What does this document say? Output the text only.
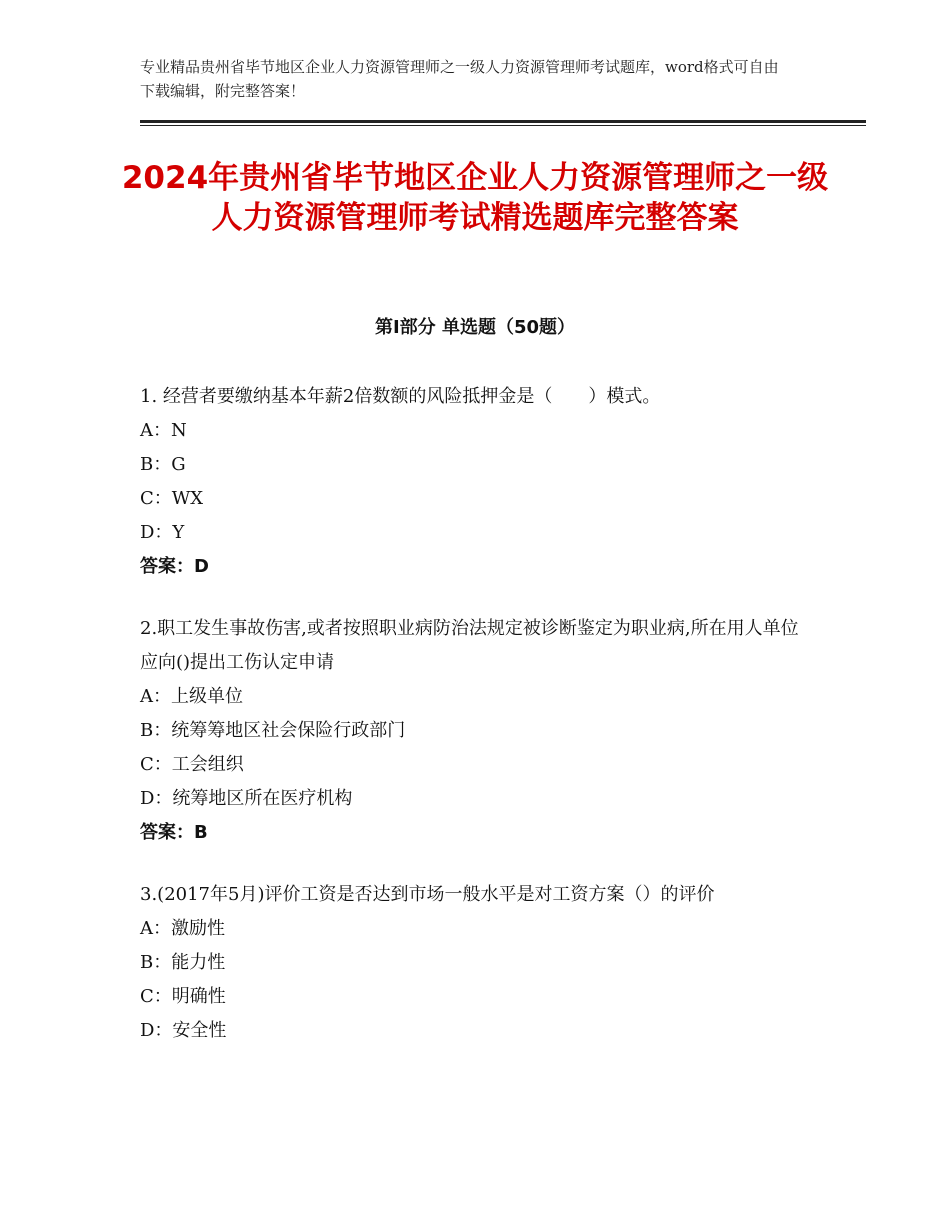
专业精品贵州省毕节地区企业人力资源管理师之一级人力资源管理师考试题库，word格式可自由下载编辑，附完整答案！
2024年贵州省毕节地区企业人力资源管理师之一级人力资源管理师考试精选题库完整答案
第Ⅰ部分 单选题（50题）
1. 经营者要缴纳基本年薪2倍数额的风险抵押金是（　　）模式。
A：N
B：G
C：WX
D：Y
答案：D
2.职工发生事故伤害,或者按照职业病防治法规定被诊断鉴定为职业病,所在用人单位应向()提出工伤认定申请
A：上级单位
B：统筹筹地区社会保险行政部门
C：工会组织
D：统筹地区所在医疗机构
答案：B
3.(2017年5月)评价工资是否达到市场一般水平是对工资方案（）的评价
A：激励性
B：能力性
C：明确性
D：安全性
